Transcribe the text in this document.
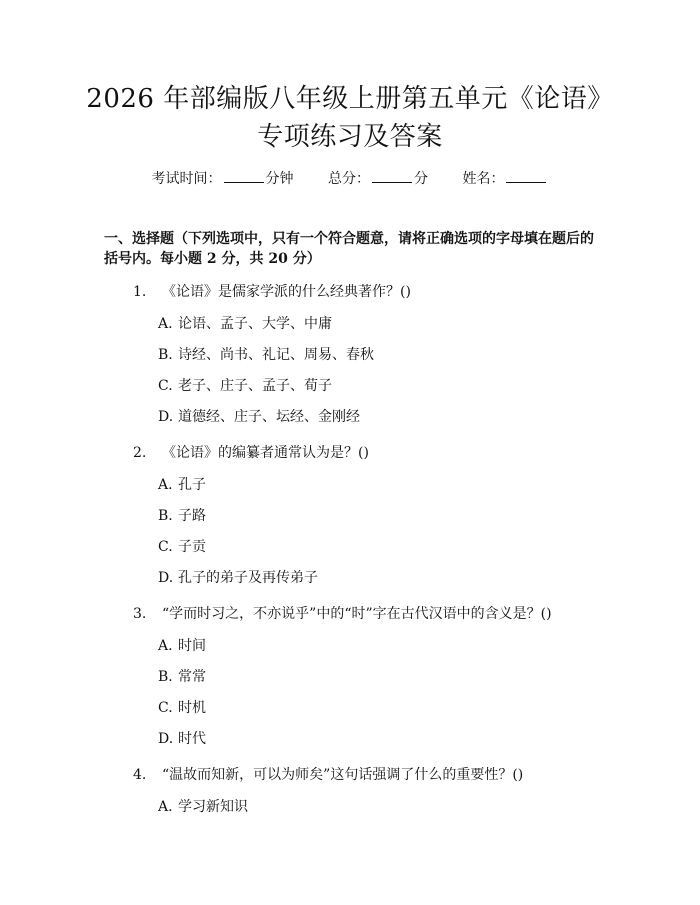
2026 年部编版八年级上册第五单元《论语》
专项练习及答案
考试时间：	分钟 总分：	分 姓名：
一、选择题（下列选项中，只有一个符合题意，请将正确选项的字母填在题后的
括号内。每小题 2 分，共 20 分）
1.	《论语》是儒家学派的什么经典著作？()
A. 论语、孟子、大学、中庸
B. 诗经、尚书、礼记、周易、春秋
C. 老子、庄子、孟子、荀子
D. 道德经、庄子、坛经、金刚经
2.	《论语》的编纂者通常认为是？()
A. 孔子
B. 子路
C. 子贡
D. 孔子的弟子及再传弟子
3.	“学而时习之，不亦说乎”中的“时”字在古代汉语中的含义是？()
A. 时间
B. 常常
C. 时机
D. 时代
4.	“温故而知新，可以为师矣”这句话强调了什么的重要性？()
A. 学习新知识
